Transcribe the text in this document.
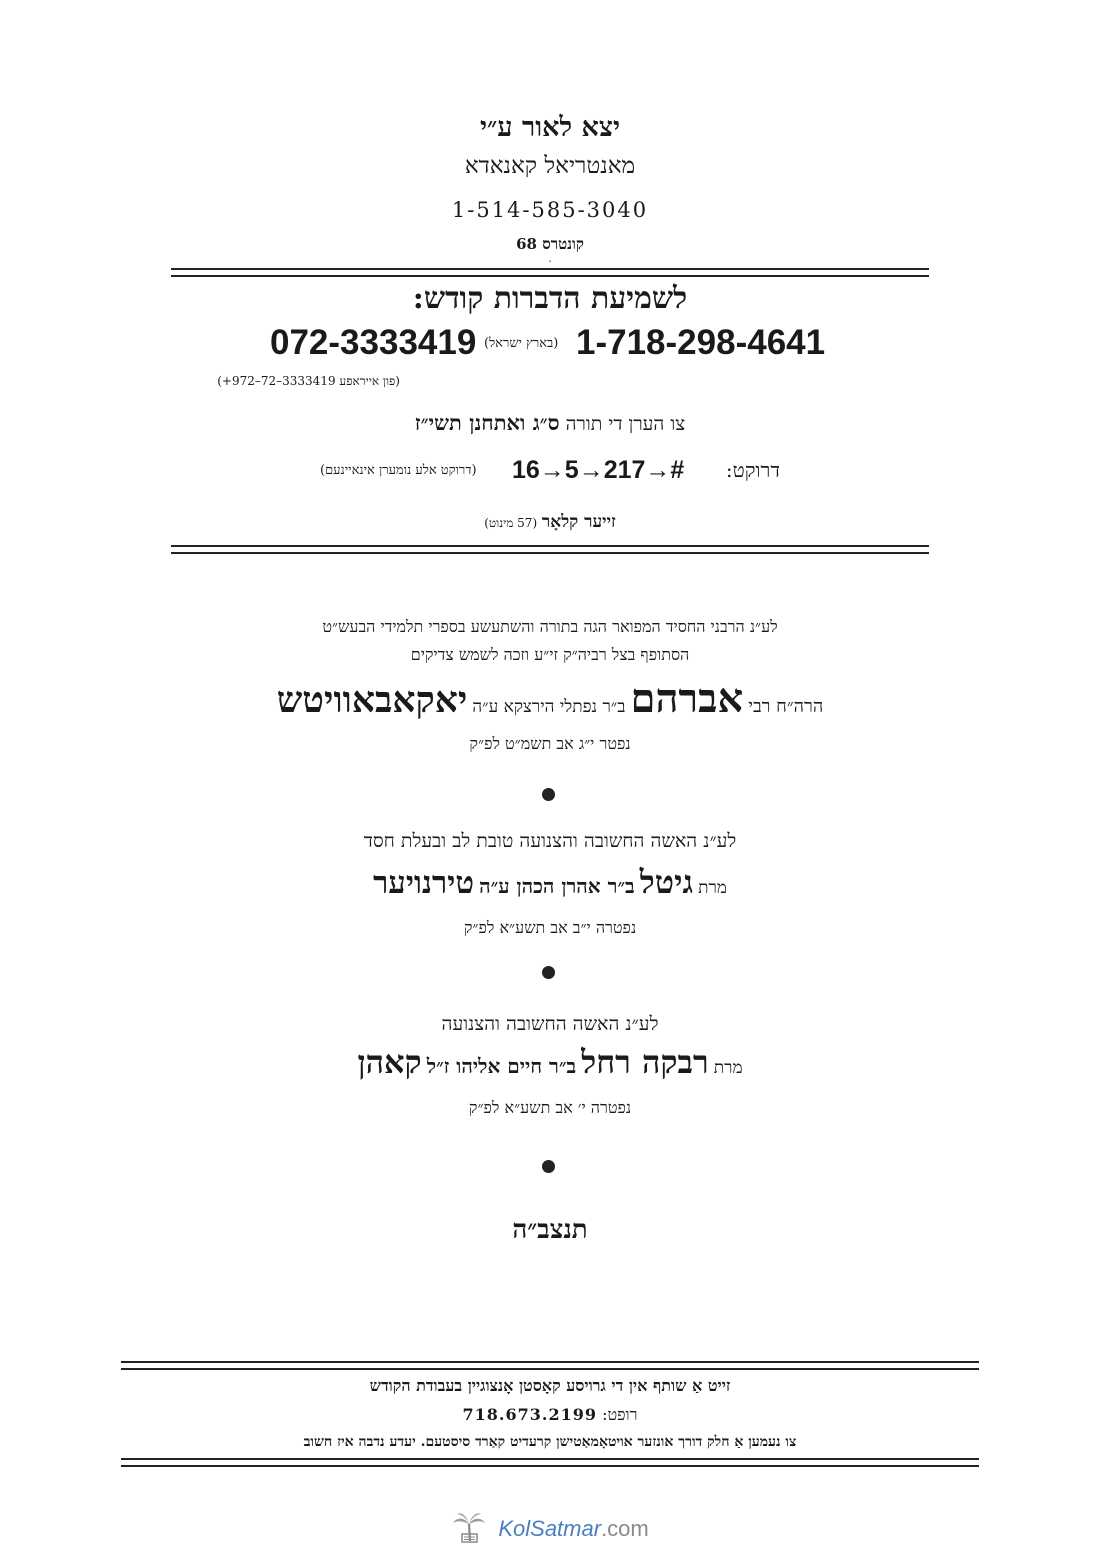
יצא לאור ע״י
מאנטריאל קאנאדא
1-514-585-3040
קונטרס 68
״
לשמיעת הדברות קודש:
072-3333419 (בארץ ישראל) 1-718-298-4641
(פון אייראפע 3333419–72–972+)
צו הערן די תורה ס״ג ואתחנן תשי״ז
דרוקט:
16→5→217→#
(דרוקט אלע נומערן אינאיינעם)
זייער קלאָר (57 מינוט)
לע״נ הרבני החסיד המפואר הגה בתורה והשתעשע בספרי תלמידי הבעש״ט
הסתופף בצל רביה״ק זי״ע וזכה לשמש צדיקים
הרה״ח רבי אברהם ב״ר נפתלי הירצקא ע״ה יאקאבאוויטש
נפטר י״ג אב תשמ״ט לפ״ק
לע״נ האשה החשובה והצנועה טובת לב ובעלת חסד
מרת גיטל ב״ר אהרן הכהן ע״ה טירנויער
נפטרה י״ב אב תשע״א לפ״ק
לע״נ האשה החשובה והצנועה
מרת רבקה רחל ב״ר חיים אליהו ז״ל קאהן
נפטרה י׳ אב תשע״א לפ״ק
תנצב״ה
זייט אַ שותף אין די גרויסע קאָסטן אָנצוגיין בעבודת הקודש
רופט: 718.673.2199
צו נעמען אַ חלק דורך אונזער אויטאָמאַטישן קרעדיט קאַרד סיסטעם. יעדע נדבה איז חשוב
KolSatmar.com
